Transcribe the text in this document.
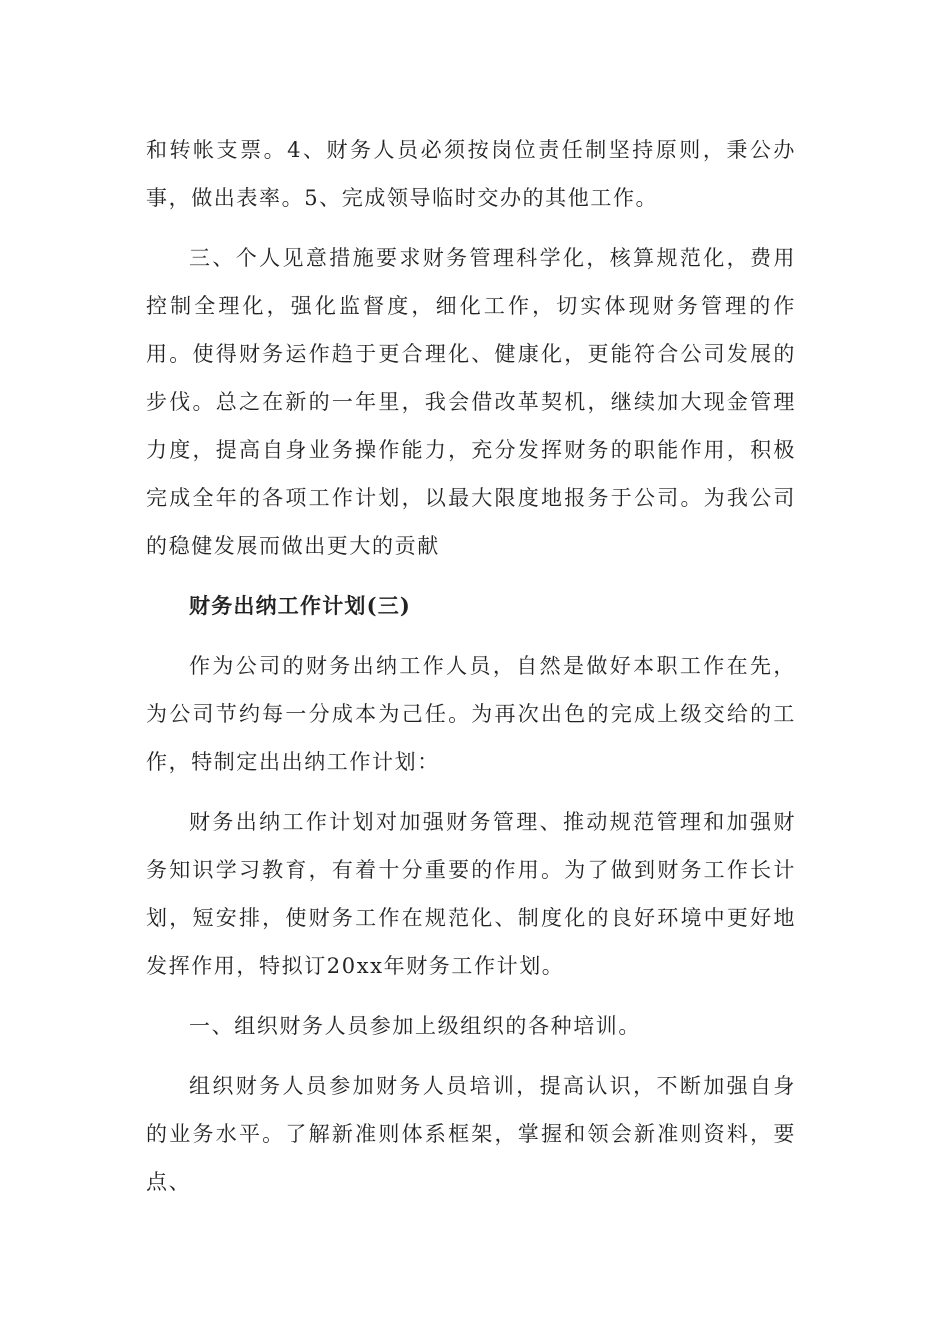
和转帐支票。4、财务人员必须按岗位责任制坚持原则，秉公办事，做出表率。5、完成领导临时交办的其他工作。

三、个人见意措施要求财务管理科学化，核算规范化，费用控制全理化，强化监督度，细化工作，切实体现财务管理的作用。使得财务运作趋于更合理化、健康化，更能符合公司发展的步伐。总之在新的一年里，我会借改革契机，继续加大现金管理力度，提高自身业务操作能力，充分发挥财务的职能作用，积极完成全年的各项工作计划，以最大限度地报务于公司。为我公司的稳健发展而做出更大的贡献

财务出纳工作计划(三)

作为公司的财务出纳工作人员，自然是做好本职工作在先，为公司节约每一分成本为己任。为再次出色的完成上级交给的工作，特制定出出纳工作计划：

财务出纳工作计划对加强财务管理、推动规范管理和加强财务知识学习教育，有着十分重要的作用。为了做到财务工作长计划，短安排，使财务工作在规范化、制度化的良好环境中更好地发挥作用，特拟订20xx年财务工作计划。

一、组织财务人员参加上级组织的各种培训。

组织财务人员参加财务人员培训，提高认识，不断加强自身的业务水平。了解新准则体系框架，掌握和领会新准则资料，要点、
